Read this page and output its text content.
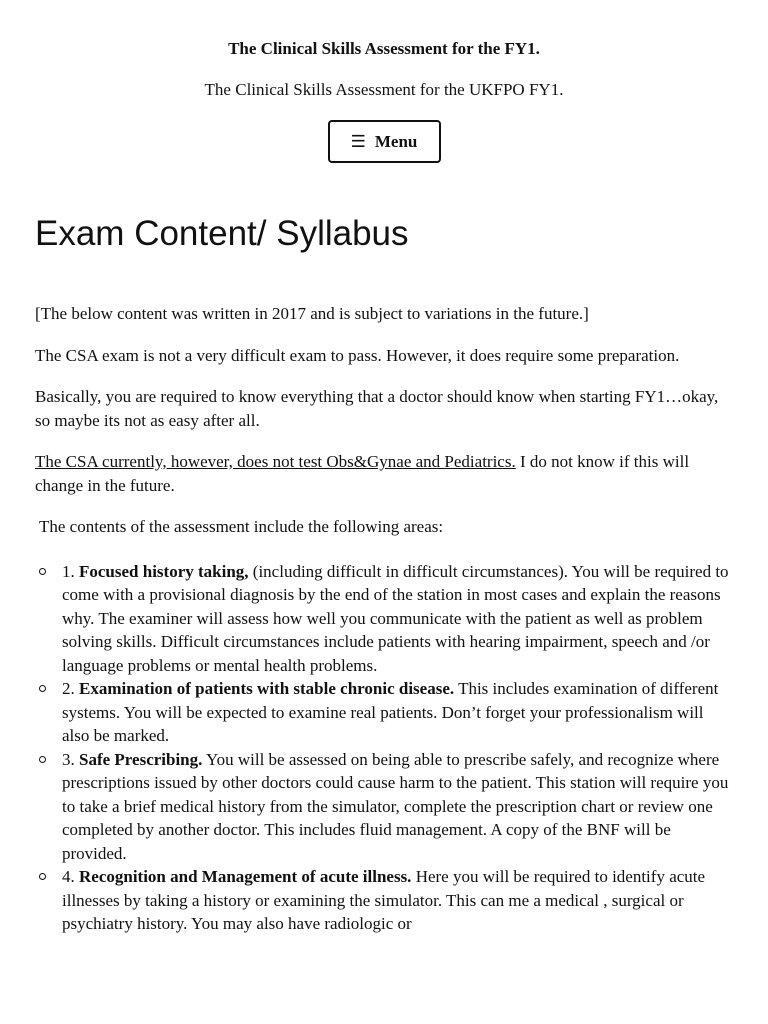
The Clinical Skills Assessment for the FY1.

The Clinical Skills Assessment for the UKFPO FY1.

☰ Menu
Exam Content/ Syllabus

[The below content was written in 2017 and is subject to variations in the future.]

The CSA exam is not a very difficult exam to pass. However, it does require some preparation.

Basically, you are required to know everything that a doctor should know when starting FY1…okay, so maybe its not as easy after all.

The CSA currently, however, does not test Obs&Gynae and Pediatrics. I do not know if this will change in the future.

The contents of the assessment include the following areas:

1. Focused history taking, (including difficult in difficult circumstances). You will be required to come with a provisional diagnosis by the end of the station in most cases and explain the reasons why. The examiner will assess how well you communicate with the patient as well as problem solving skills. Difficult circumstances include patients with hearing impairment, speech and /or language problems or mental health problems.
2. Examination of patients with stable chronic disease. This includes examination of different systems. You will be expected to examine real patients. Don’t forget your professionalism will also be marked.
3. Safe Prescribing. You will be assessed on being able to prescribe safely, and recognize where prescriptions issued by other doctors could cause harm to the patient. This station will require you to take a brief medical history from the simulator, complete the prescription chart or review one completed by another doctor. This includes fluid management. A copy of the BNF will be provided.
4. Recognition and Management of acute illness. Here you will be required to identify acute illnesses by taking a history or examining the simulator. This can me a medical , surgical or psychiatry history. You may also have radiologic or
